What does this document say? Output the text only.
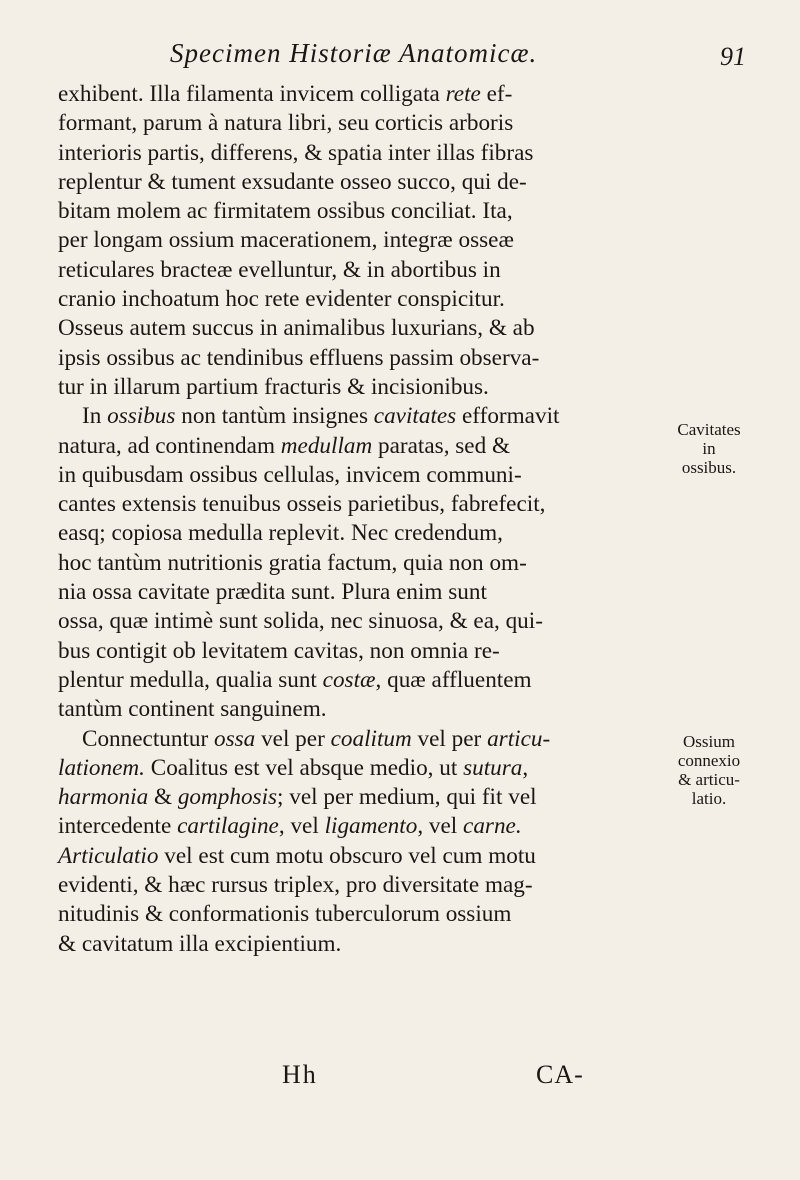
Specimen Historiæ Anatomicæ.	91
exhibent. Illa filamenta invicem colligata rete ef-
formant, parum à natura libri, seu corticis arboris
interioris partis, differens, & spatia inter illas fibras
replentur & tument exsudante osseo succo, qui de-
bitam molem ac firmitatem ossibus conciliat. Ita,
per longam ossium macerationem, integræ osseæ
reticulares bracteæ evelluntur, & in abortibus in
cranio inchoatum hoc rete evidenter conspicitur.
Osseus autem succus in animalibus luxurians, & ab
ipsis ossibus ac tendinibus effluens passim observa-
tur in illarum partium fracturis & incisionibus.
In ossibus non tantùm insignes cavitates efformavit
natura, ad continendam medullam paratas, sed &
in quibusdam ossibus cellulas, invicem communi-
cantes extensis tenuibus osseis parietibus, fabrefecit,
easq; copiosa medulla replevit. Nec credendum,
hoc tantùm nutritionis gratia factum, quia non om-
nia ossa cavitate prædita sunt. Plura enim sunt
ossa, quæ intimè sunt solida, nec sinuosa, & ea, qui-
bus contigit ob levitatem cavitas, non omnia re-
plentur medulla, qualia sunt costæ, quæ affluentem
tantùm continent sanguinem.
Connectuntur ossa vel per coalitum vel per articu-
lationem. Coalitus est vel absque medio, ut sutura,
harmonia & gomphosis; vel per medium, qui fit vel
intercedente cartilagine, vel ligamento, vel carne.
Articulatio vel est cum motu obscuro vel cum motu
evidenti, & hæc rursus triplex, pro diversitate mag-
nitudinis & conformationis tuberculorum ossium
& cavitatum illa excipientium.
Cavitates
in ossibus.
Ossium
connexio
& articu-
latio.
Hh	CA-
